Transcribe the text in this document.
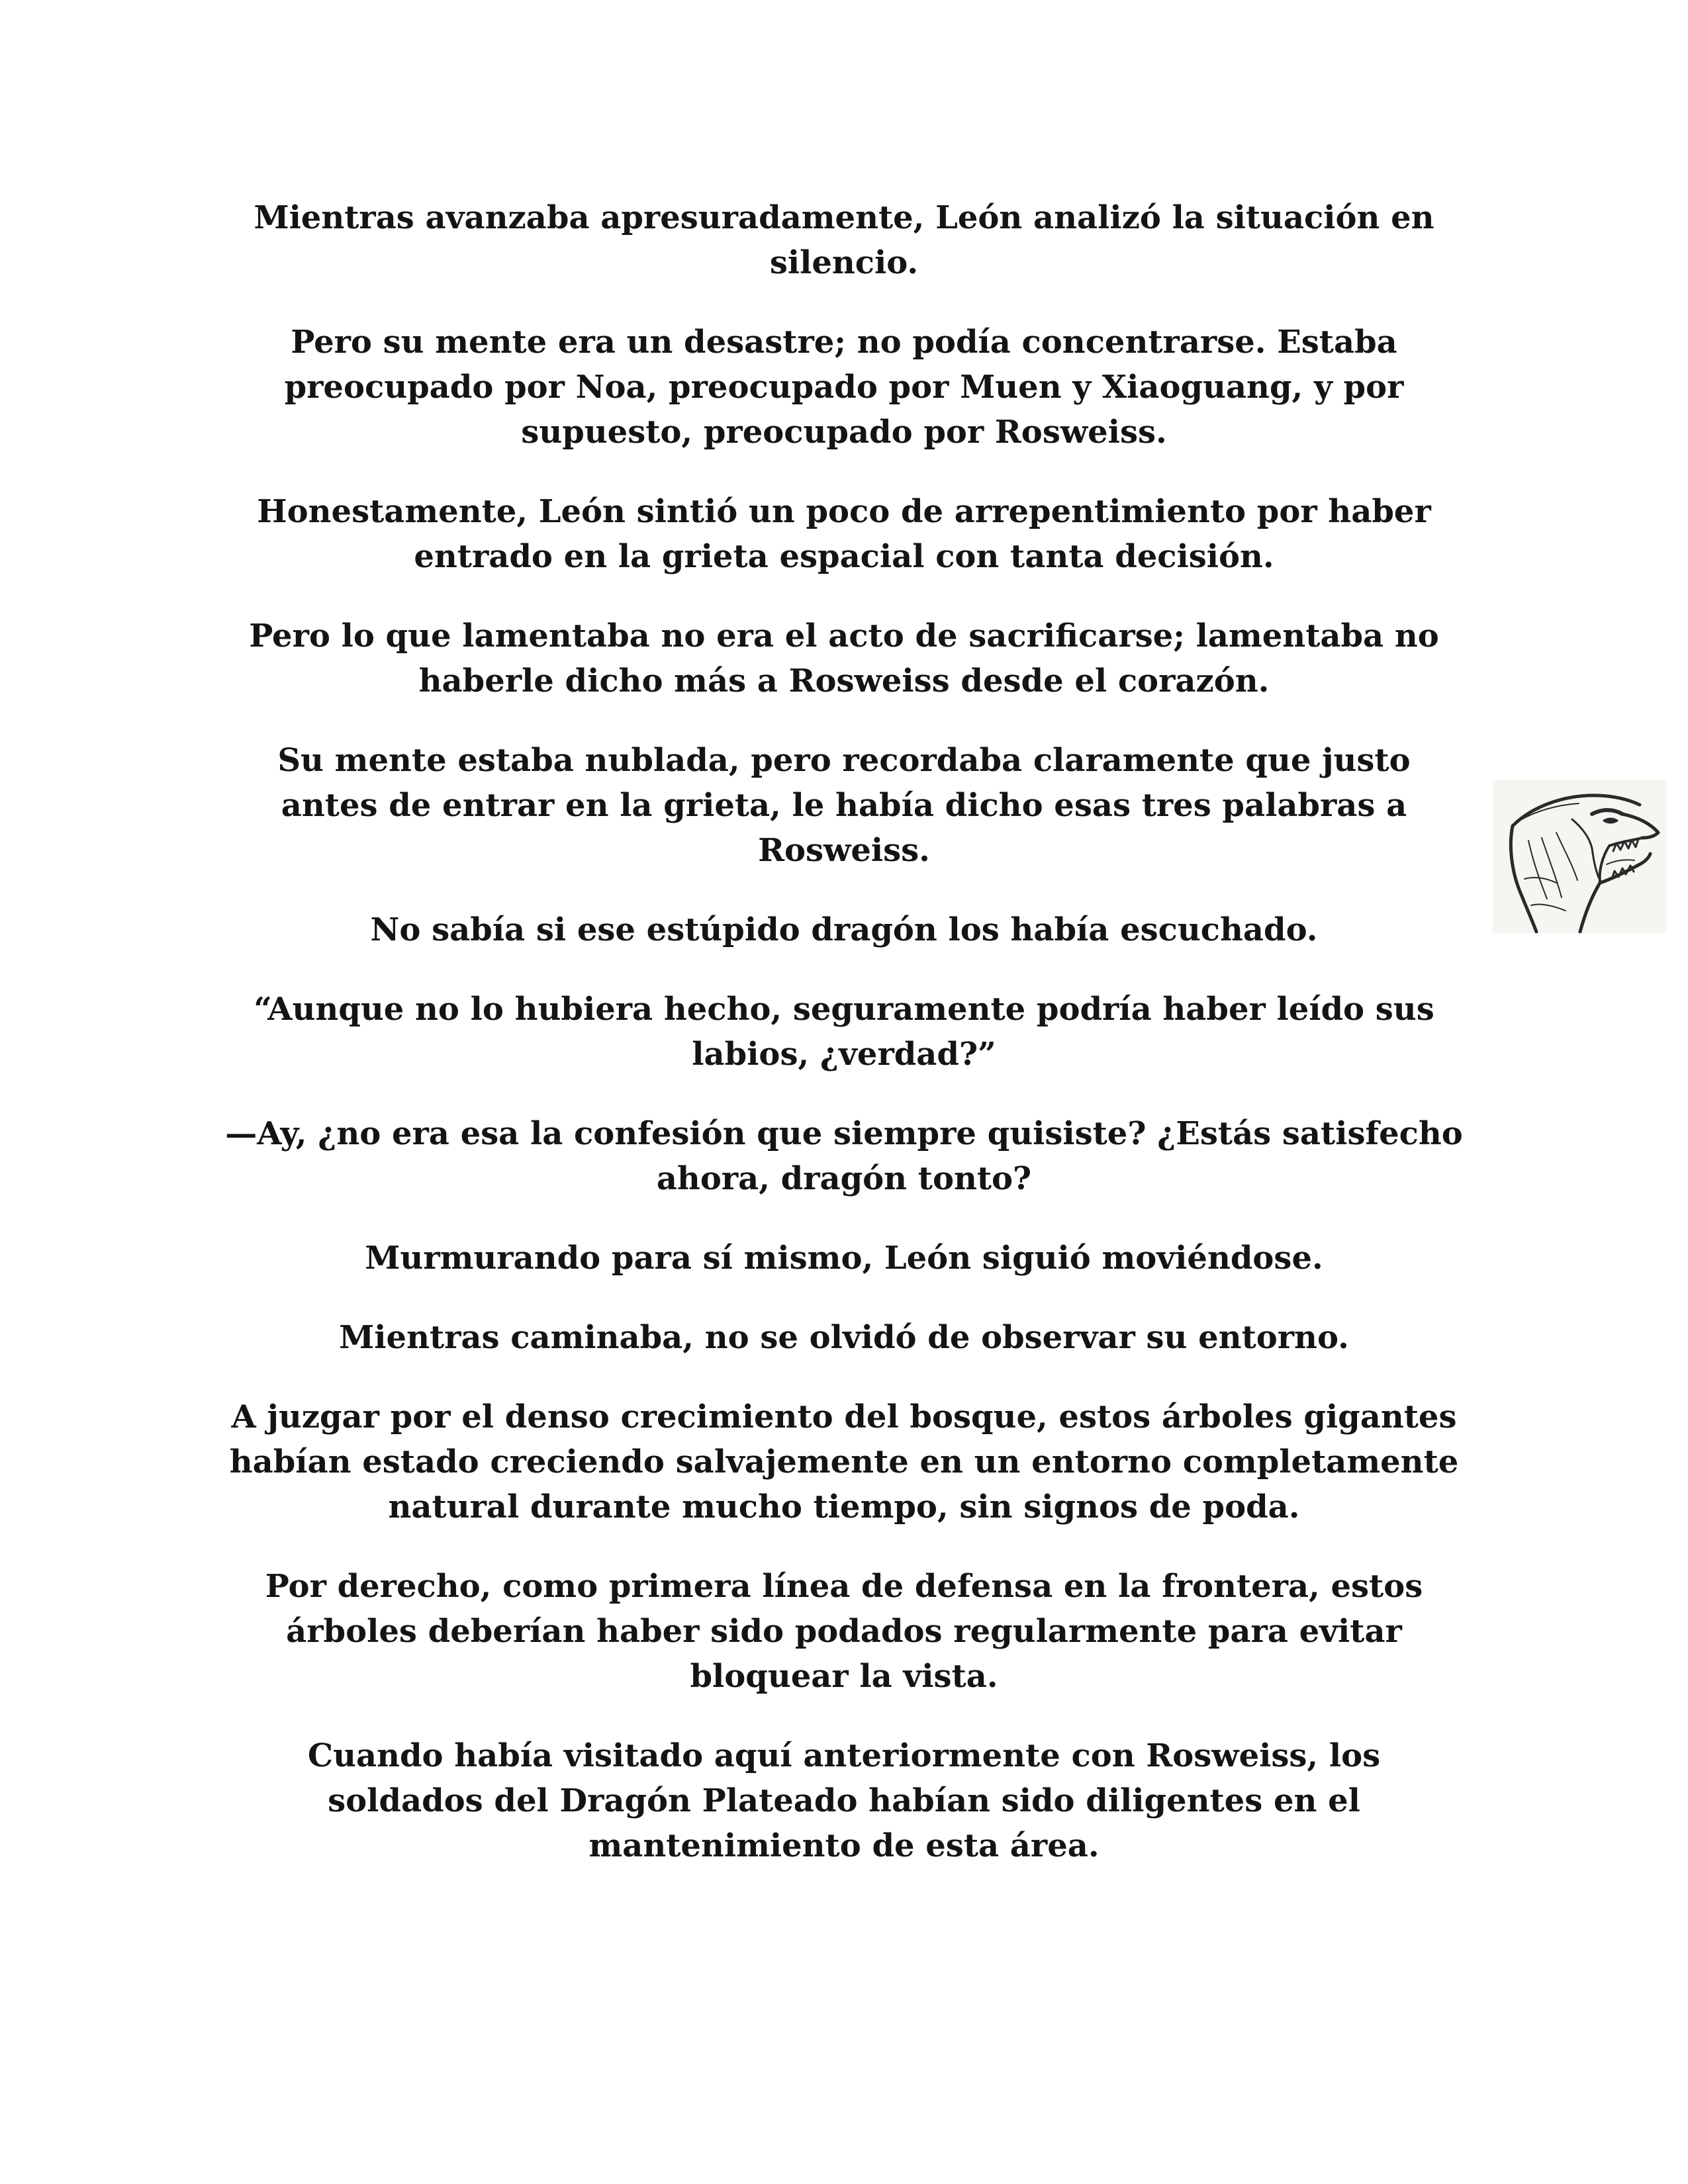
Mientras avanzaba apresuradamente, León analizó la situación en silencio.

Pero su mente era un desastre; no podía concentrarse. Estaba preocupado por Noa, preocupado por Muen y Xiaoguang, y por supuesto, preocupado por Rosweiss.

Honestamente, León sintió un poco de arrepentimiento por haber entrado en la grieta espacial con tanta decisión.

Pero lo que lamentaba no era el acto de sacrificarse; lamentaba no haberle dicho más a Rosweiss desde el corazón.

Su mente estaba nublada, pero recordaba claramente que justo antes de entrar en la grieta, le había dicho esas tres palabras a Rosweiss.

No sabía si ese estúpido dragón los había escuchado.

“Aunque no lo hubiera hecho, seguramente podría haber leído sus labios, ¿verdad?”

—Ay, ¿no era esa la confesión que siempre quisiste? ¿Estás satisfecho ahora, dragón tonto?

Murmurando para sí mismo, León siguió moviéndose.

Mientras caminaba, no se olvidó de observar su entorno.

A juzgar por el denso crecimiento del bosque, estos árboles gigantes habían estado creciendo salvajemente en un entorno completamente natural durante mucho tiempo, sin signos de poda.

Por derecho, como primera línea de defensa en la frontera, estos árboles deberían haber sido podados regularmente para evitar bloquear la vista.

Cuando había visitado aquí anteriormente con Rosweiss, los soldados del Dragón Plateado habían sido diligentes en el mantenimiento de esta área.
